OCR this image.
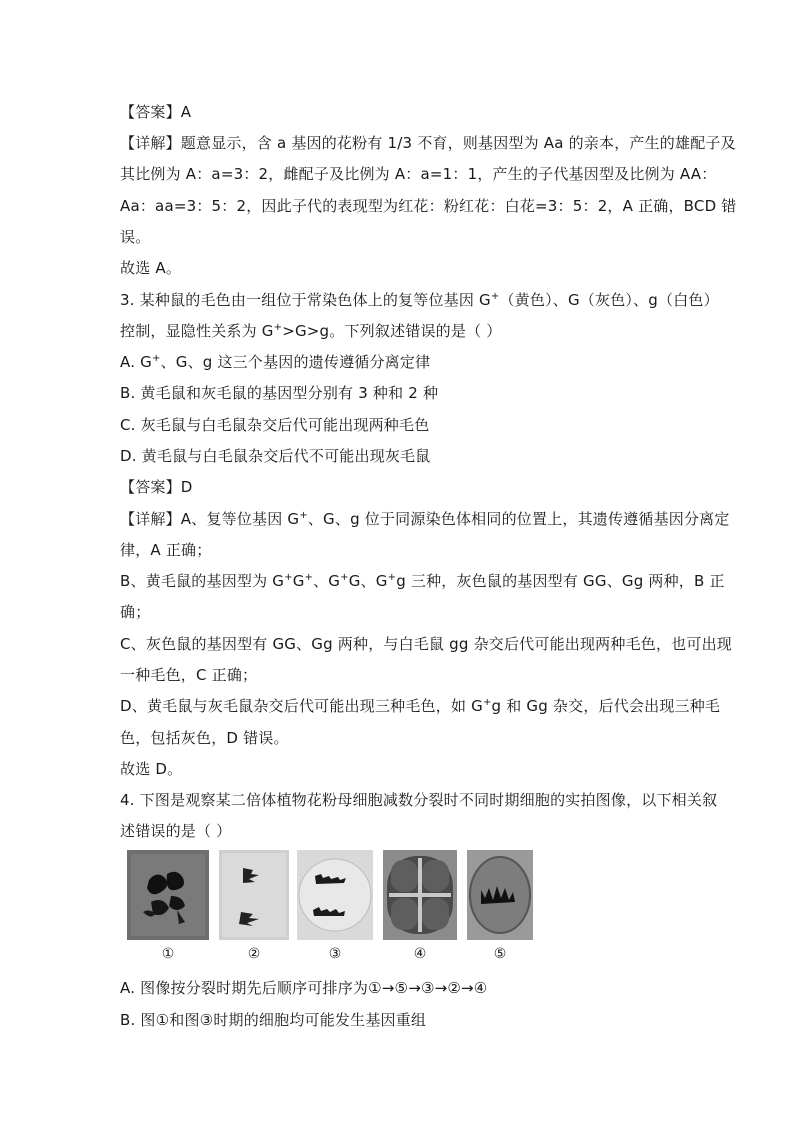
【答案】A
【详解】题意显示，含 a 基因的花粉有 1/3 不育，则基因型为 Aa 的亲本，产生的雄配子及
其比例为 A：a=3：2，雌配子及比例为 A：a=1：1，产生的子代基因型及比例为 AA：
Aa：aa=3：5：2，因此子代的表现型为红花：粉红花：白花=3：5：2，A 正确，BCD 错
误。
故选 A。
3. 某种鼠的毛色由一组位于常染色体上的复等位基因 G+（黄色）、G（灰色）、g（白色）
控制，显隐性关系为 G+>G>g。下列叙述错误的是（ ）
A. G+、G、g 这三个基因的遗传遵循分离定律
B. 黄毛鼠和灰毛鼠的基因型分别有 3 种和 2 种
C. 灰毛鼠与白毛鼠杂交后代可能出现两种毛色
D. 黄毛鼠与白毛鼠杂交后代不可能出现灰毛鼠
【答案】D
【详解】A、复等位基因 G+、G、g 位于同源染色体相同的位置上，其遗传遵循基因分离定
律，A 正确；
B、黄毛鼠的基因型为 G+G+、G+G、G+g 三种，灰色鼠的基因型有 GG、Gg 两种，B 正
确；
C、灰色鼠的基因型有 GG、Gg 两种，与白毛鼠 gg 杂交后代可能出现两种毛色，也可出现
一种毛色，C 正确；
D、黄毛鼠与灰毛鼠杂交后代可能出现三种毛色，如 G+g 和 Gg 杂交，后代会出现三种毛
色，包括灰色，D 错误。
故选 D。
4. 下图是观察某二倍体植物花粉母细胞减数分裂时不同时期细胞的实拍图像，以下相关叙
述错误的是（ ）
①	②	③	④	⑤
A. 图像按分裂时期先后顺序可排序为①→⑤→③→②→④
B. 图①和图③时期的细胞均可能发生基因重组
